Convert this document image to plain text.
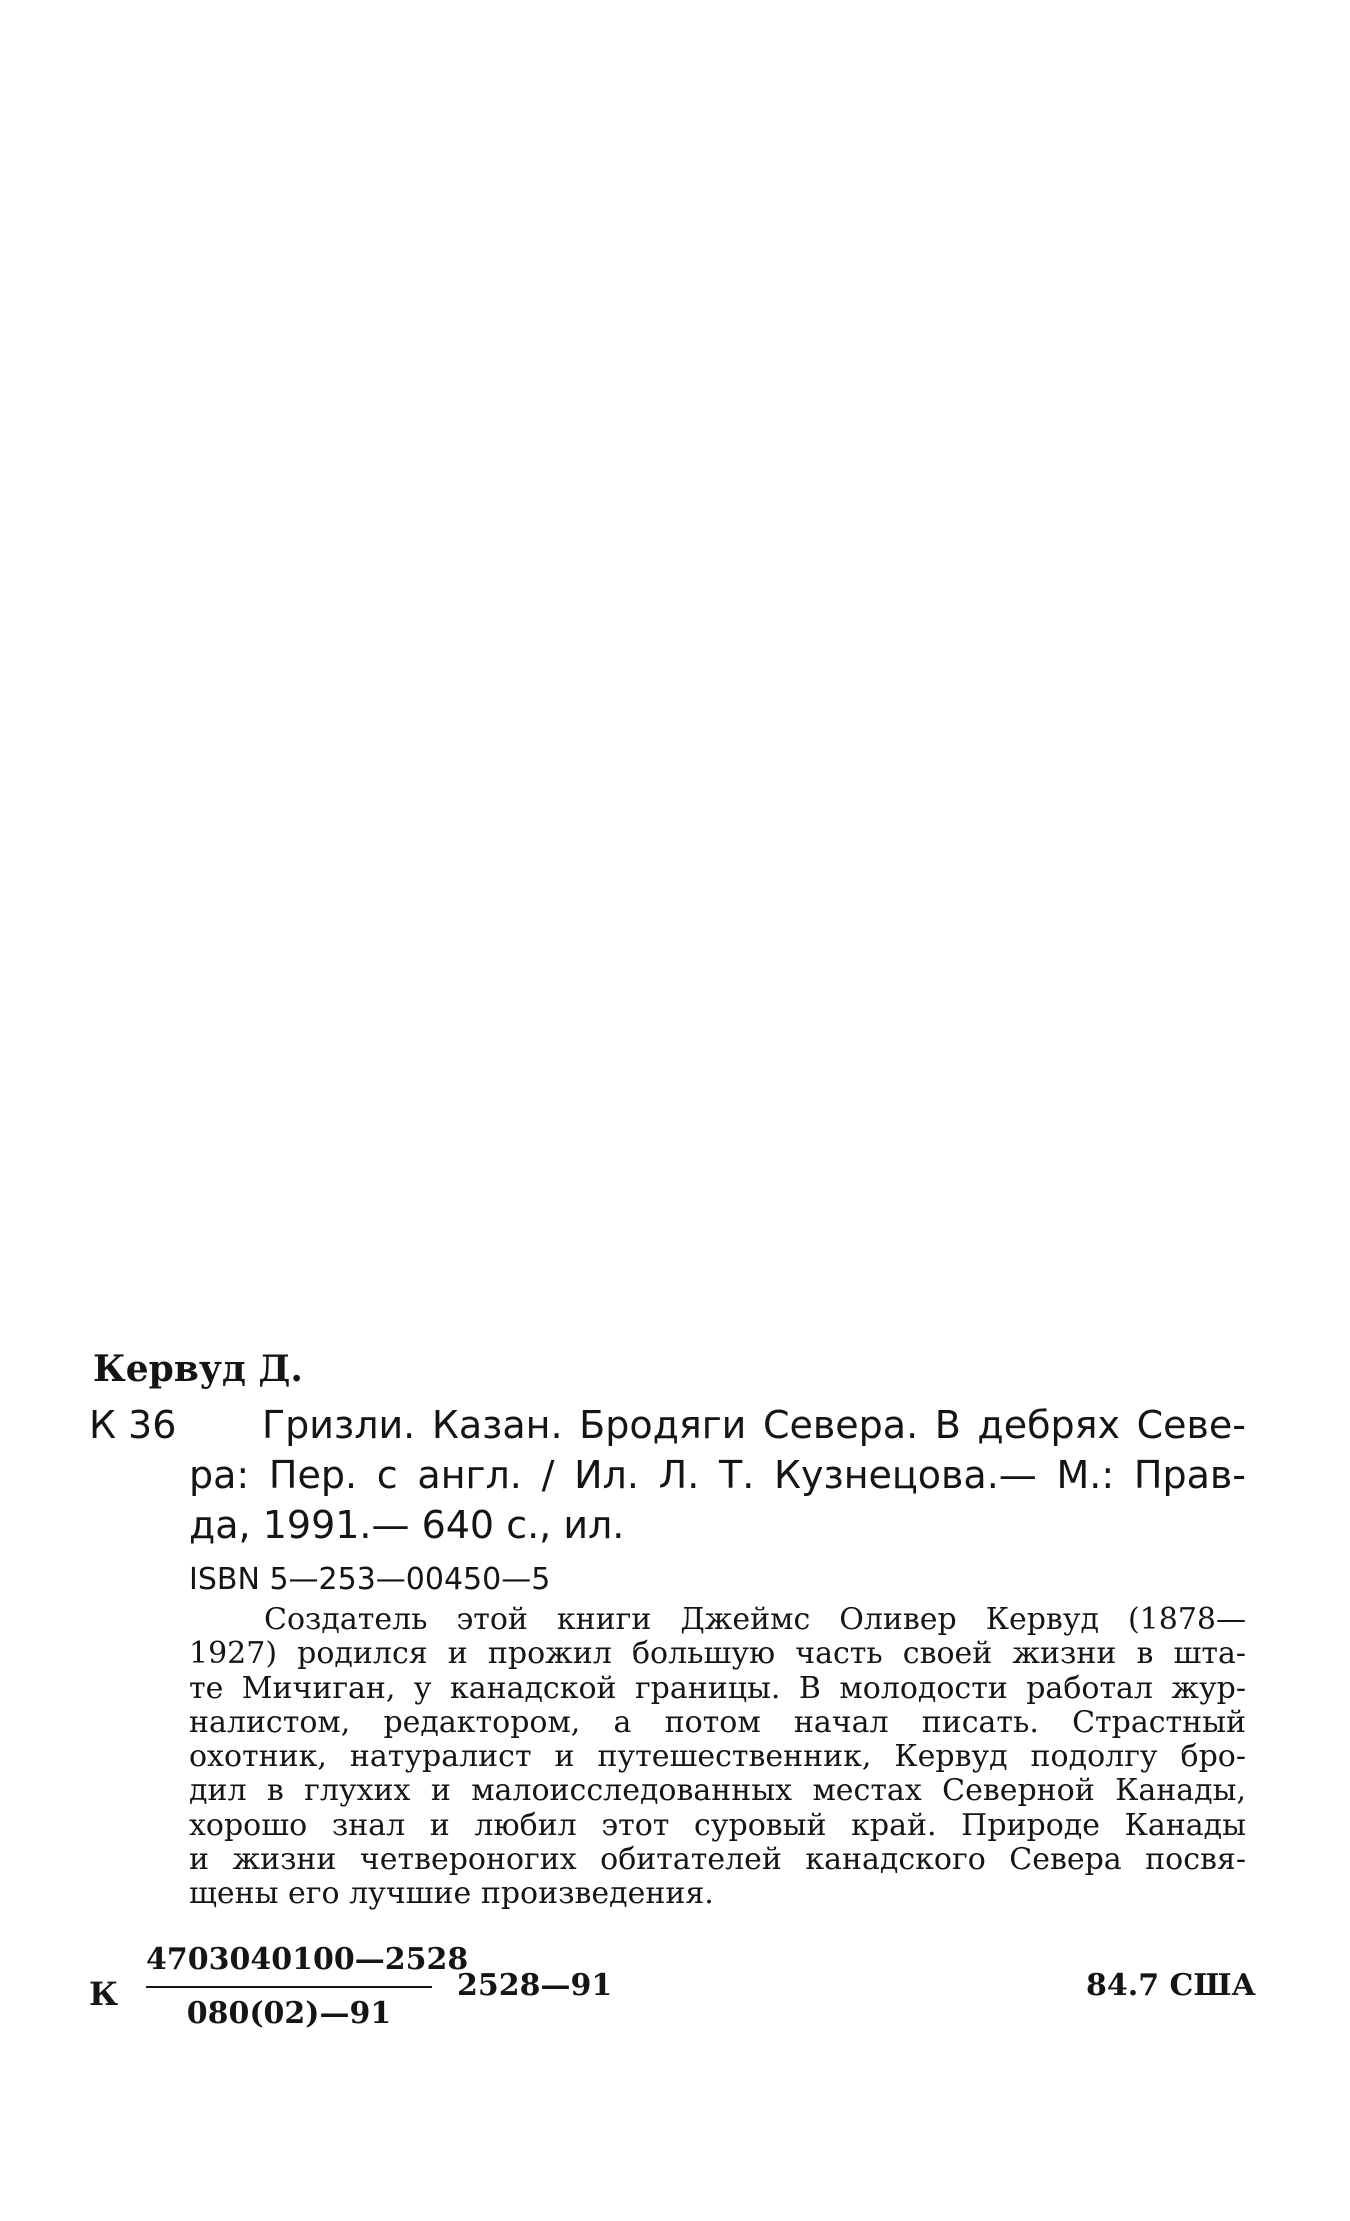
Кервуд Д.
К 36 Гризли. Казан. Бродяги Севера. В дебрях Севе-
ра: Пер. с англ. / Ил. Л. Т. Кузнецова.— М.: Прав-
да, 1991.— 640 с., ил.
ISBN 5—253—00450—5
Создатель этой книги Джеймс Оливер Кервуд (1878—
1927) родился и прожил большую часть своей жизни в шта-
те Мичиган, у канадской границы. В молодости работал жур-
налистом, редактором, а потом начал писать. Страстный
охотник, натуралист и путешественник, Кервуд подолгу бро-
дил в глухих и малоисследованных местах Северной Канады,
хорошо знал и любил этот суровый край. Природе Канады
и жизни четвероногих обитателей канадского Севера посвя-
щены его лучшие произведения.
К
4703040100—2528
080(02)—91
2528—91	84.7 США
